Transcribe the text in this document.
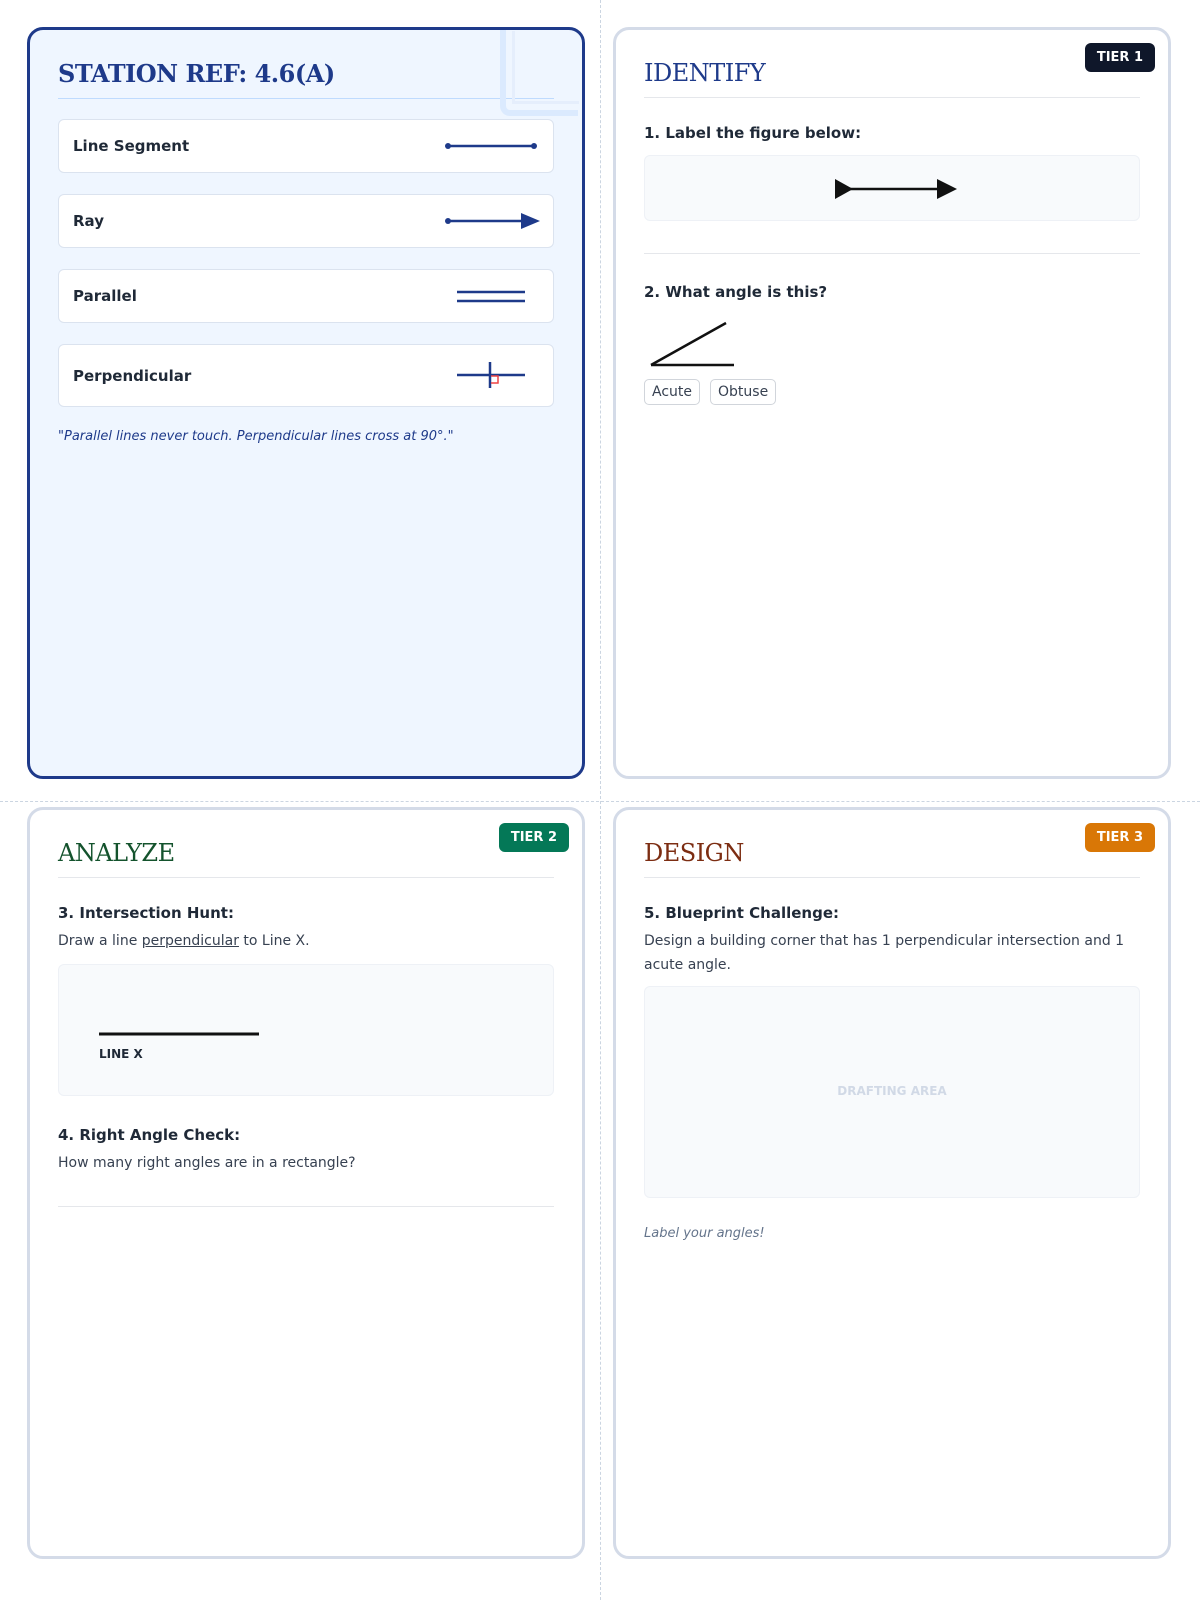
STATION REF: 4.6(A)
Line Segment
Ray
Parallel
Perpendicular
"Parallel lines never touch. Perpendicular lines cross at 90°."
TIER 1
IDENTIFY
1. Label the figure below:
2. What angle is this?
Acute Obtuse
TIER 2
ANALYZE
3. Intersection Hunt:
Draw a line perpendicular to Line X.
LINE X
4. Right Angle Check:
How many right angles are in a rectangle?
TIER 3
DESIGN
5. Blueprint Challenge:
Design a building corner that has 1 perpendicular intersection and 1 acute angle.
DRAFTING AREA
Label your angles!
